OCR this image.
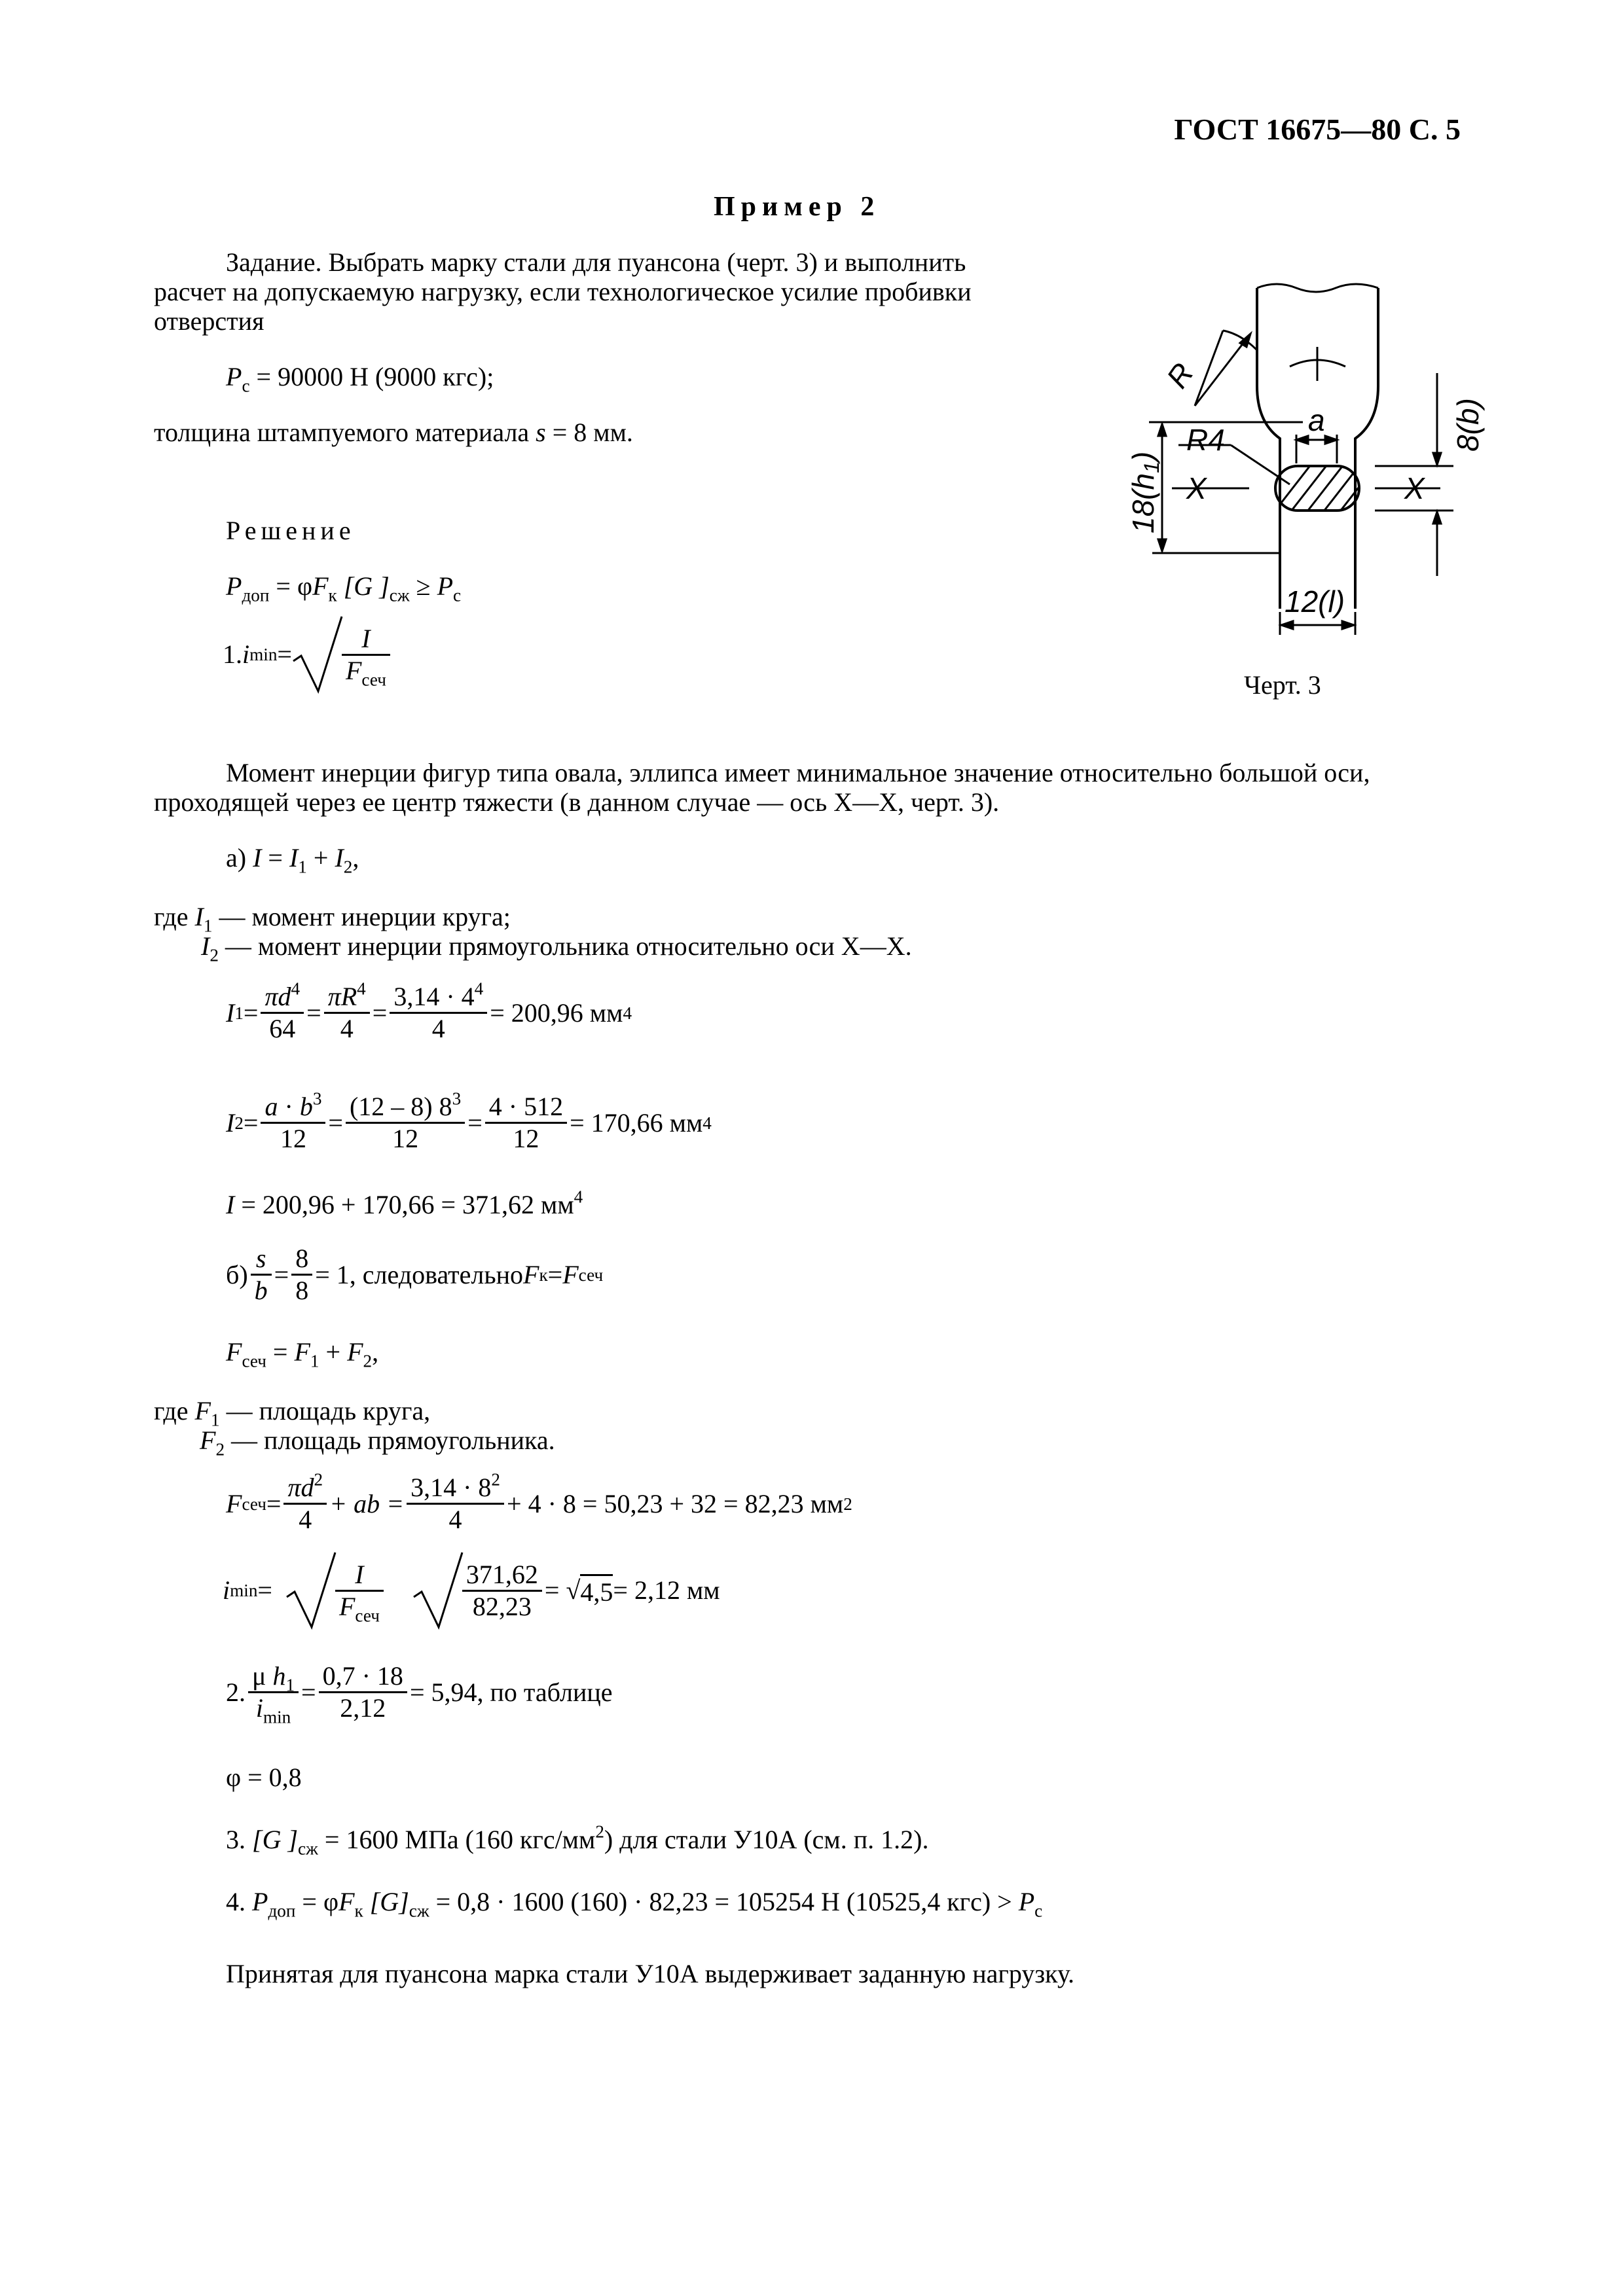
ГОСТ 16675—80 С. 5
Пример 2
Задание. Выбрать марку стали для пуансона (черт. 3) и выполнить
расчет на допускаемую нагрузку, если технологическое усилие пробивки
отверстия
$P_с = 90000$ Н (9000 кгс);
толщина штампуемого материала s = 8 мм.
Решение
$P_{доп} = \varphi F_к$ [G ]$_{сж} \ge P_c$
1. i $\min = \frac{I}{F_{сеч}}$
R
R4
a
X	X
12(l)
8(b)
18(h1)
Черт. 3
Момент инерции фигур типа овала, эллипса имеет минимальное значение относительно большой оси,
проходящей через ее центр тяжести (в данном случае — ось Х—Х, черт. 3).
а) $I = I_1 + I_2$,
где $I_1$ — момент инерции круга;
$I_2$ — момент инерции прямоугольника относительно оси Х—Х.
I $1 = \frac{\pi d^4}{64} = \frac{\pi R^4}{4} = \frac{3,14 \cdot 4^4}{4} = 200,96$ мм 4
I $2 = \frac{a \cdot b^3}{12} = \frac{(12 - 8) 8^3}{12} = \frac{4 \cdot 512}{12} = 170,66$ мм 4
I = 200,96 + 170,66 = 371,62 $мм^4$
$б) \frac{s}{b} = \frac{8}{8} = 1$, следовательно F к = F сеч
$F_{сеч} = F_1 + F_2$,
где $F_1$ — площадь круга,
$F_2$ — площадь прямоугольника.
F сеч = $\frac{\pi d^2}{4}$ + ab = $\frac{3,14 \cdot 8^2}{4} + 4 \cdot 8 = 50,23 + 32 = 82,23$ мм 2
i $\min = \frac{I}{F_{сеч}}$	$\frac{371,62}{82,23}$ = √ 4,5 = 2,12 мм
2. $\frac{\mu h_1}{i_{min}} = \frac{0,7 \cdot 18}{2,12} = 5,94$, по таблице
φ = 0,8
3. [G ]$_{сж} = 1600$ МПа (160 кгс/$мм^2$) для стали У10А (см. п. 1.2).
4. $P_{доп} = \varphi F_к$ $[G]_{сж} = 0,8 \cdot 1600$ (160) · 82,23 = 105254 Н (10525,4 $кгс) > P_c$
Принятая для пуансона марка стали У10А выдерживает заданную нагрузку.
